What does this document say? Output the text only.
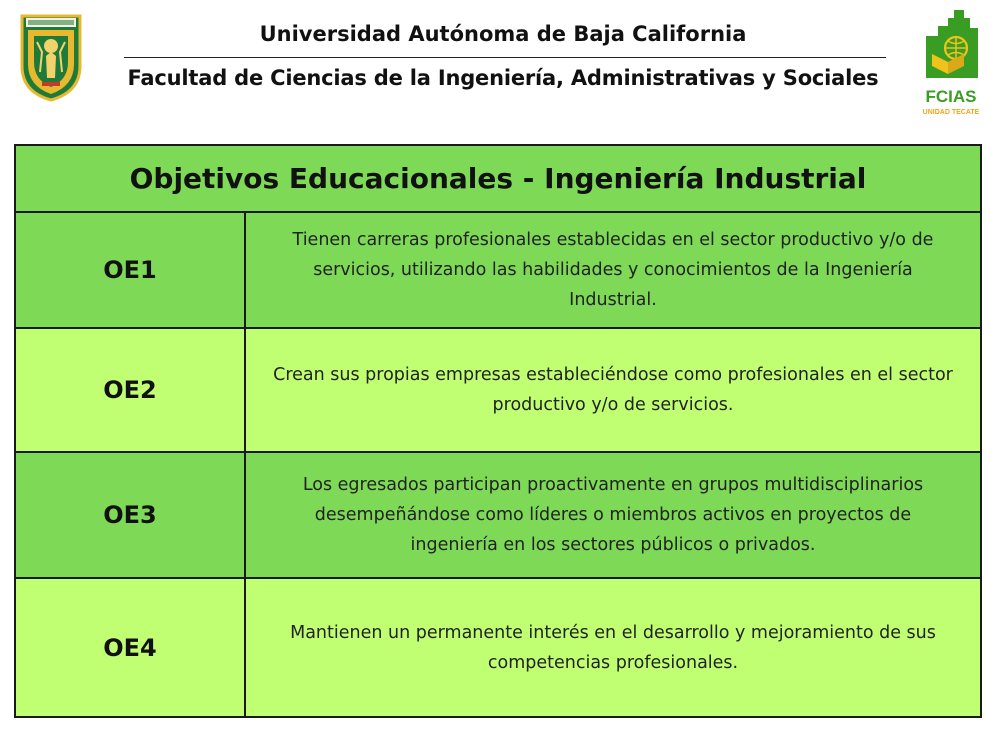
Universidad Autónoma de Baja California
Facultad de Ciencias de la Ingeniería, Administrativas y Sociales
FCIAS
UNIDAD TECATE
Objetivos Educacionales - Ingeniería Industrial
OE1
Tienen carreras profesionales establecidas en el sector productivo y/o de servicios, utilizando las habilidades y conocimientos de la Ingeniería Industrial.
OE2
Crean sus propias empresas estableciéndose como profesionales en el sector productivo y/o de servicios.
OE3
Los egresados participan proactivamente en grupos multidisciplinarios desempeñándose como líderes o miembros activos en proyectos de ingeniería en los sectores públicos o privados.
OE4
Mantienen un permanente interés en el desarrollo y mejoramiento de sus competencias profesionales.
